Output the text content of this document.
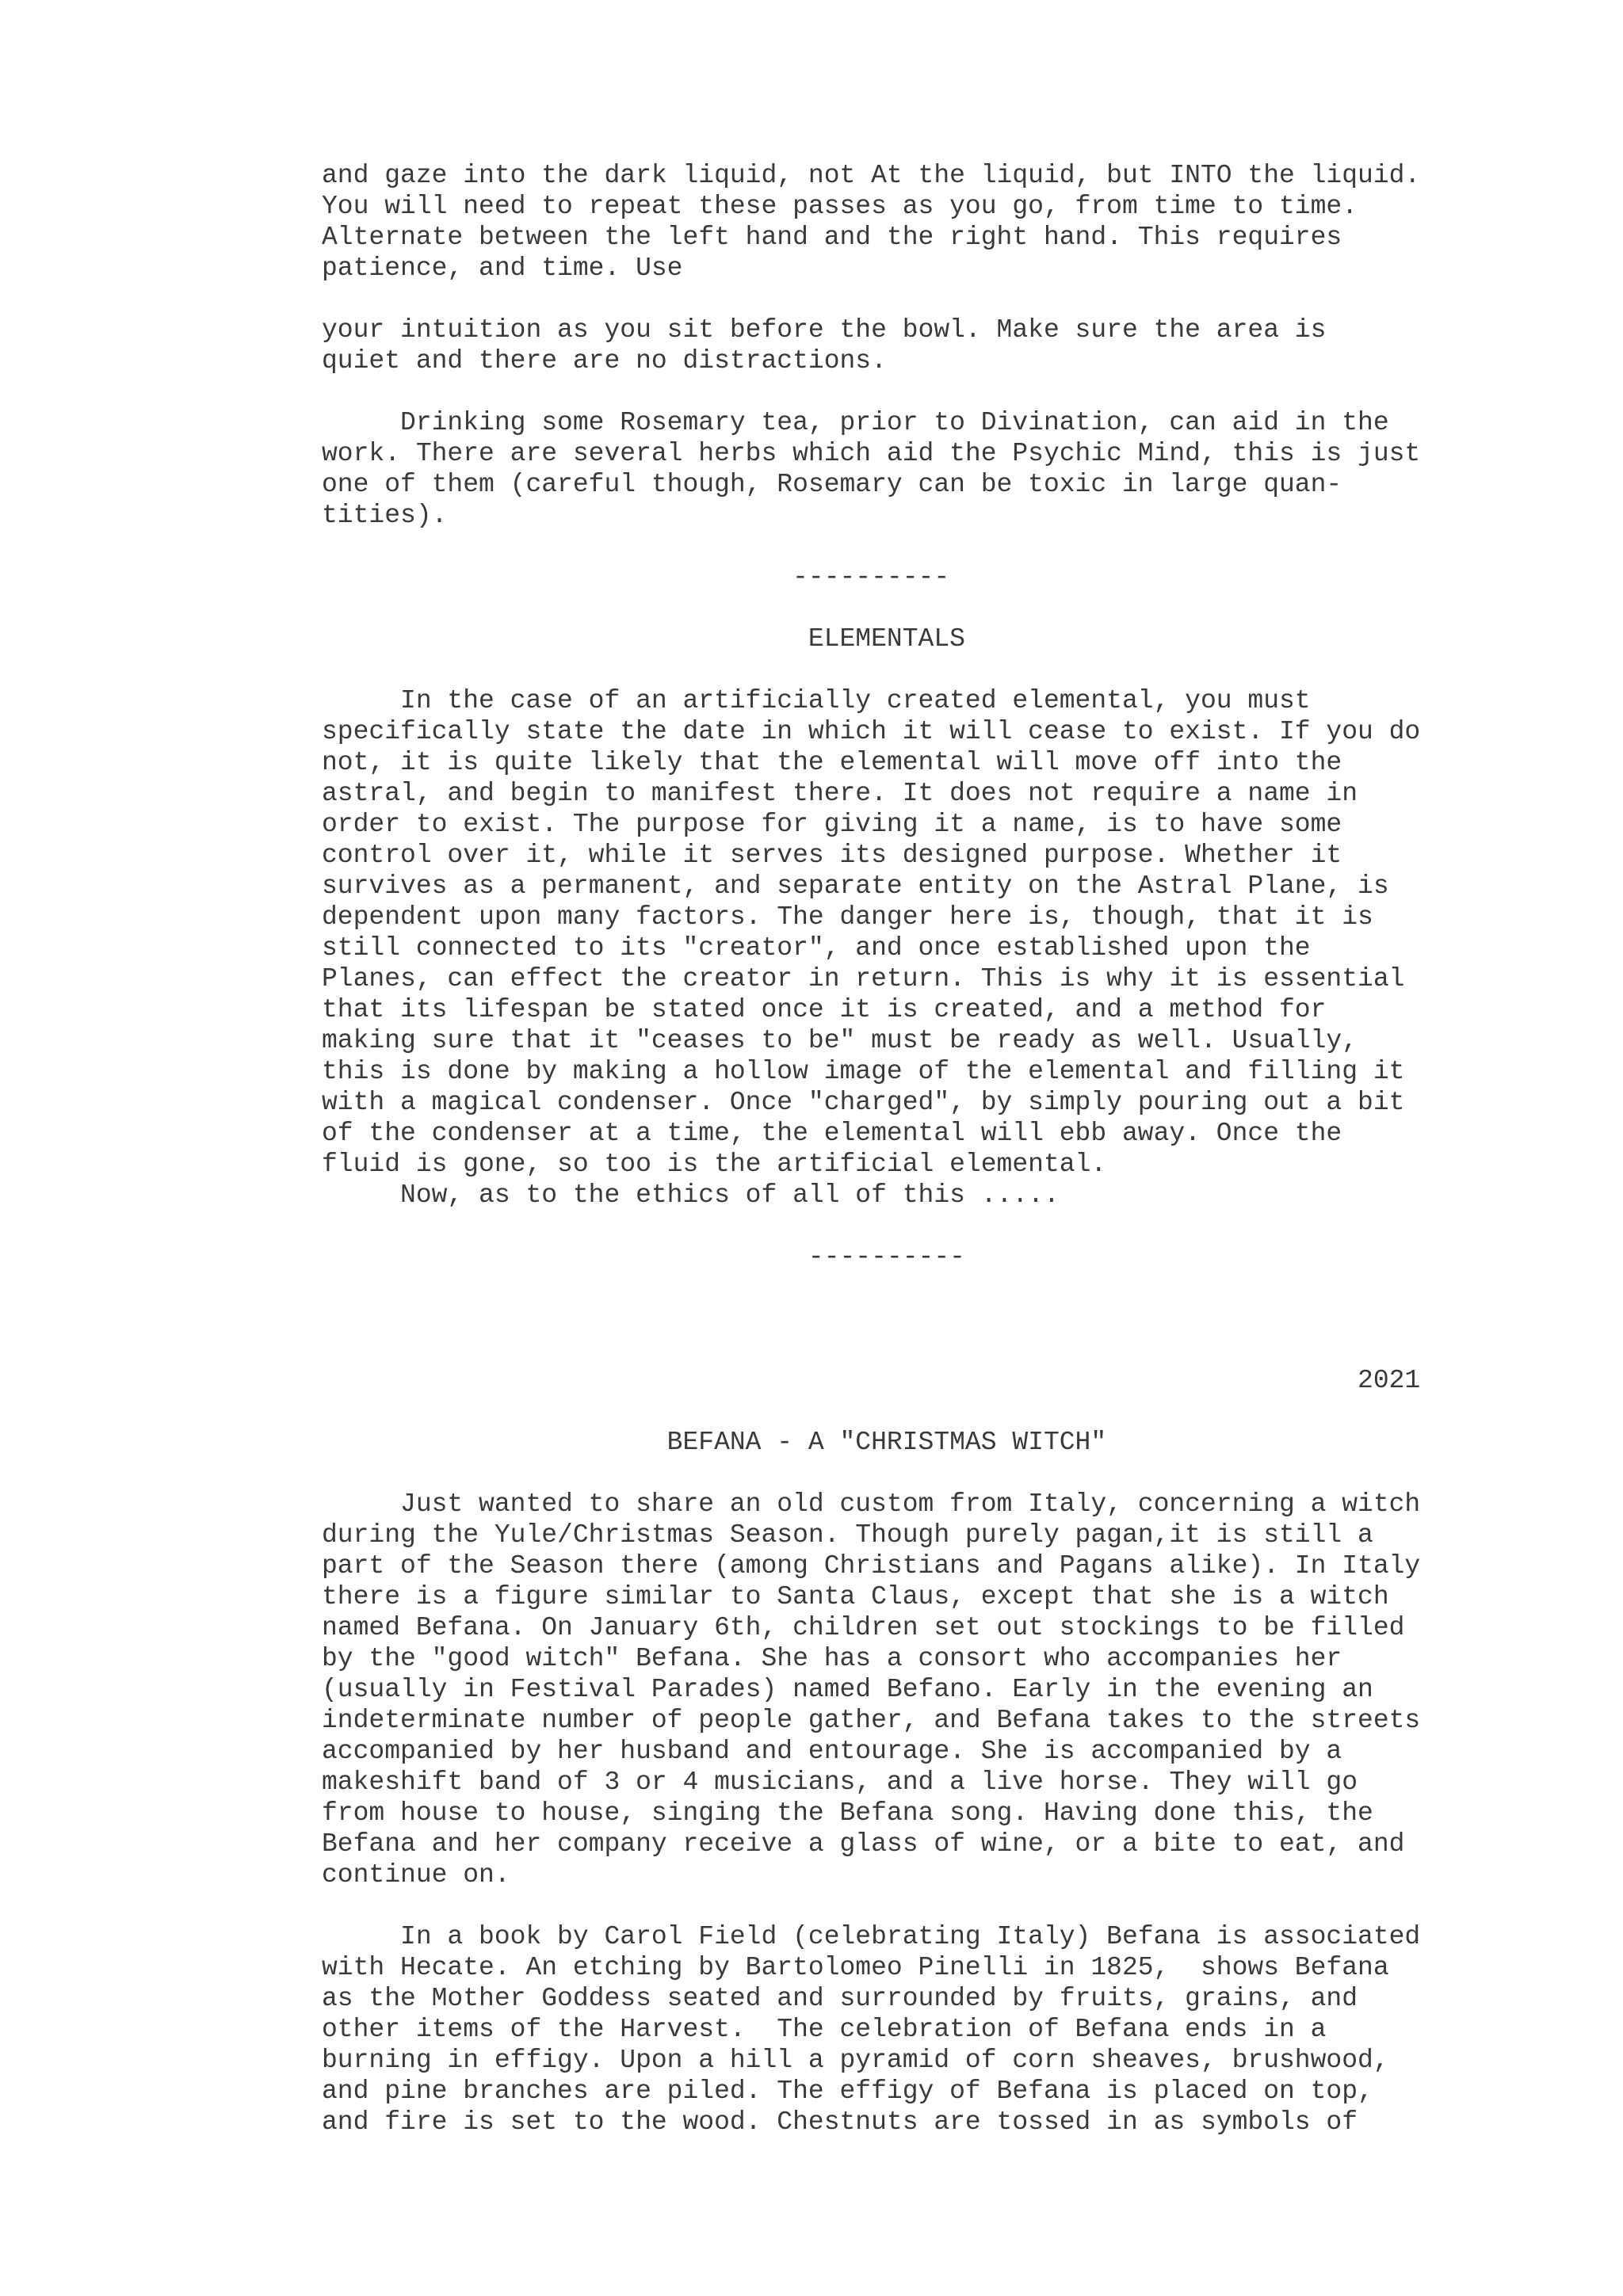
and gaze into the dark liquid, not At the liquid, but INTO the liquid.

You will need to repeat these passes as you go, from time to time.

Alternate between the left hand and the right hand. This requires

patience, and time. Use

your intuition as you sit before the bowl. Make sure the area is

quiet and there are no distractions.

Drinking some Rosemary tea, prior to Divination, can aid in the

work. There are several herbs which aid the Psychic Mind, this is just

one of them (careful though, Rosemary can be toxic in large quan-

tities).

----------

ELEMENTALS

In the case of an artificially created elemental, you must

specifically state the date in which it will cease to exist. If you do

not, it is quite likely that the elemental will move off into the

astral, and begin to manifest there. It does not require a name in

order to exist. The purpose for giving it a name, is to have some

control over it, while it serves its designed purpose. Whether it

survives as a permanent, and separate entity on the Astral Plane, is

dependent upon many factors. The danger here is, though, that it is

still connected to its "creator", and once established upon the

Planes, can effect the creator in return. This is why it is essential

that its lifespan be stated once it is created, and a method for

making sure that it "ceases to be" must be ready as well. Usually,

this is done by making a hollow image of the elemental and filling it

with a magical condenser. Once "charged", by simply pouring out a bit

of the condenser at a time, the elemental will ebb away. Once the

fluid is gone, so too is the artificial elemental.

Now, as to the ethics of all of this .....

----------

2021

BEFANA - A "CHRISTMAS WITCH"

Just wanted to share an old custom from Italy, concerning a witch

during the Yule/Christmas Season. Though purely pagan,it is still a

part of the Season there (among Christians and Pagans alike). In Italy

there is a figure similar to Santa Claus, except that she is a witch

named Befana. On January 6th, children set out stockings to be filled

by the "good witch" Befana. She has a consort who accompanies her

(usually in Festival Parades) named Befano. Early in the evening an

indeterminate number of people gather, and Befana takes to the streets

accompanied by her husband and entourage. She is accompanied by a

makeshift band of 3 or 4 musicians, and a live horse. They will go

from house to house, singing the Befana song. Having done this, the

Befana and her company receive a glass of wine, or a bite to eat, and

continue on.

In a book by Carol Field (celebrating Italy) Befana is associated

with Hecate. An etching by Bartolomeo Pinelli in 1825,  shows Befana

as the Mother Goddess seated and surrounded by fruits, grains, and

other items of the Harvest.  The celebration of Befana ends in a

burning in effigy. Upon a hill a pyramid of corn sheaves, brushwood,

and pine branches are piled. The effigy of Befana is placed on top,

and fire is set to the wood. Chestnuts are tossed in as symbols of
